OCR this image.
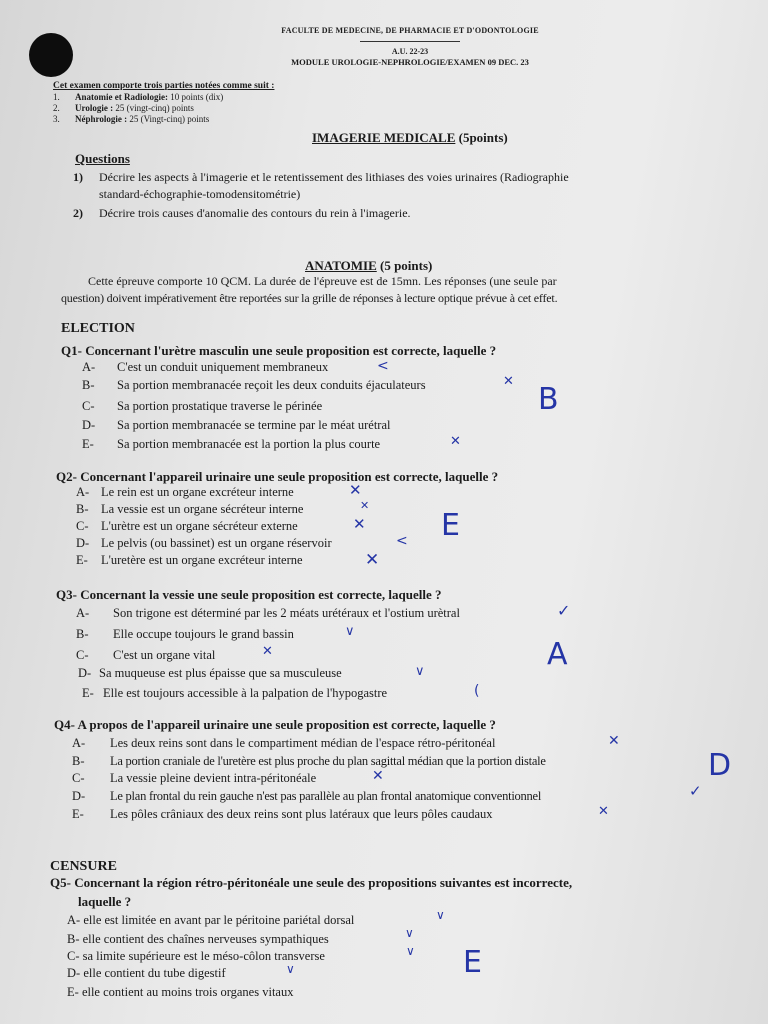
FACULTE DE MEDECINE, DE PHARMACIE ET D'ODONTOLOGIE
A.U. 22-23
MODULE UROLOGIE-NEPHROLOGIE/EXAMEN 09 DEC. 23
Cet examen comporte trois parties notées comme suit :
1. Anatomie et Radiologie: 10 points (dix)
2. Urologie : 25 (vingt-cinq) points
3. Néphrologie : 25 (Vingt-cinq) points
IMAGERIE MEDICALE (5points)
Questions
1) Décrire les aspects à l'imagerie et le retentissement des lithiases des voies urinaires (Radiographie
standard-échographie-tomodensitométrie)
2) Décrire trois causes d'anomalie des contours du rein à l'imagerie.
ANATOMIE (5 points)
Cette épreuve comporte 10 QCM. La durée de l'épreuve est de 15mn. Les réponses (une seule par
question) doivent impérativement être reportées sur la grille de réponses à lecture optique prévue à cet effet.
ELECTION
Q1- Concernant l'urètre masculin une seule proposition est correcte, laquelle ?
A- C'est un conduit uniquement membraneux
B- Sa portion membranacée reçoit les deux conduits éjaculateurs
C- Sa portion prostatique traverse le périnée
D- Sa portion membranacée se termine par le méat urétral
E- Sa portion membranacée est la portion la plus courte
<
✕
✕
B
Q2- Concernant l'appareil urinaire une seule proposition est correcte, laquelle ?
A- Le rein est un organe excréteur interne
B- La vessie est un organe sécréteur interne
C- L'urètre est un organe sécréteur externe
D- Le pelvis (ou bassinet) est un organe réservoir
E- L'uretère est un organe excréteur interne
✕
✕
✕
<
✕
E
Q3- Concernant la vessie une seule proposition est correcte, laquelle ?
A- Son trigone est déterminé par les 2 méats urétéraux et l'ostium urètral
B- Elle occupe toujours le grand bassin
C- C'est un organe vital
D- Sa muqueuse est plus épaisse que sa musculeuse
E- Elle est toujours accessible à la palpation de l'hypogastre
✓
∨
✕
∨
(
A
Q4- A propos de l'appareil urinaire une seule proposition est correcte, laquelle ?
A- Les deux reins sont dans le compartiment médian de l'espace rétro-péritonéal
B- La portion craniale de l'uretère est plus proche du plan sagittal médian que la portion distale
C- La vessie pleine devient intra-péritonéale
D- Le plan frontal du rein gauche n'est pas parallèle au plan frontal anatomique conventionnel
E- Les pôles crâniaux des deux reins sont plus latéraux que leurs pôles caudaux
✕
✕
✓
✕
D
CENSURE
Q5- Concernant la région rétro-péritonéale une seule des propositions suivantes est incorrecte,
laquelle ?
A- elle est limitée en avant par le péritoine pariétal dorsal
B- elle contient des chaînes nerveuses sympathiques
C- sa limite supérieure est le méso-côlon transverse
D- elle contient du tube digestif
E- elle contient au moins trois organes vitaux
∨
∨
∨
∨	E
